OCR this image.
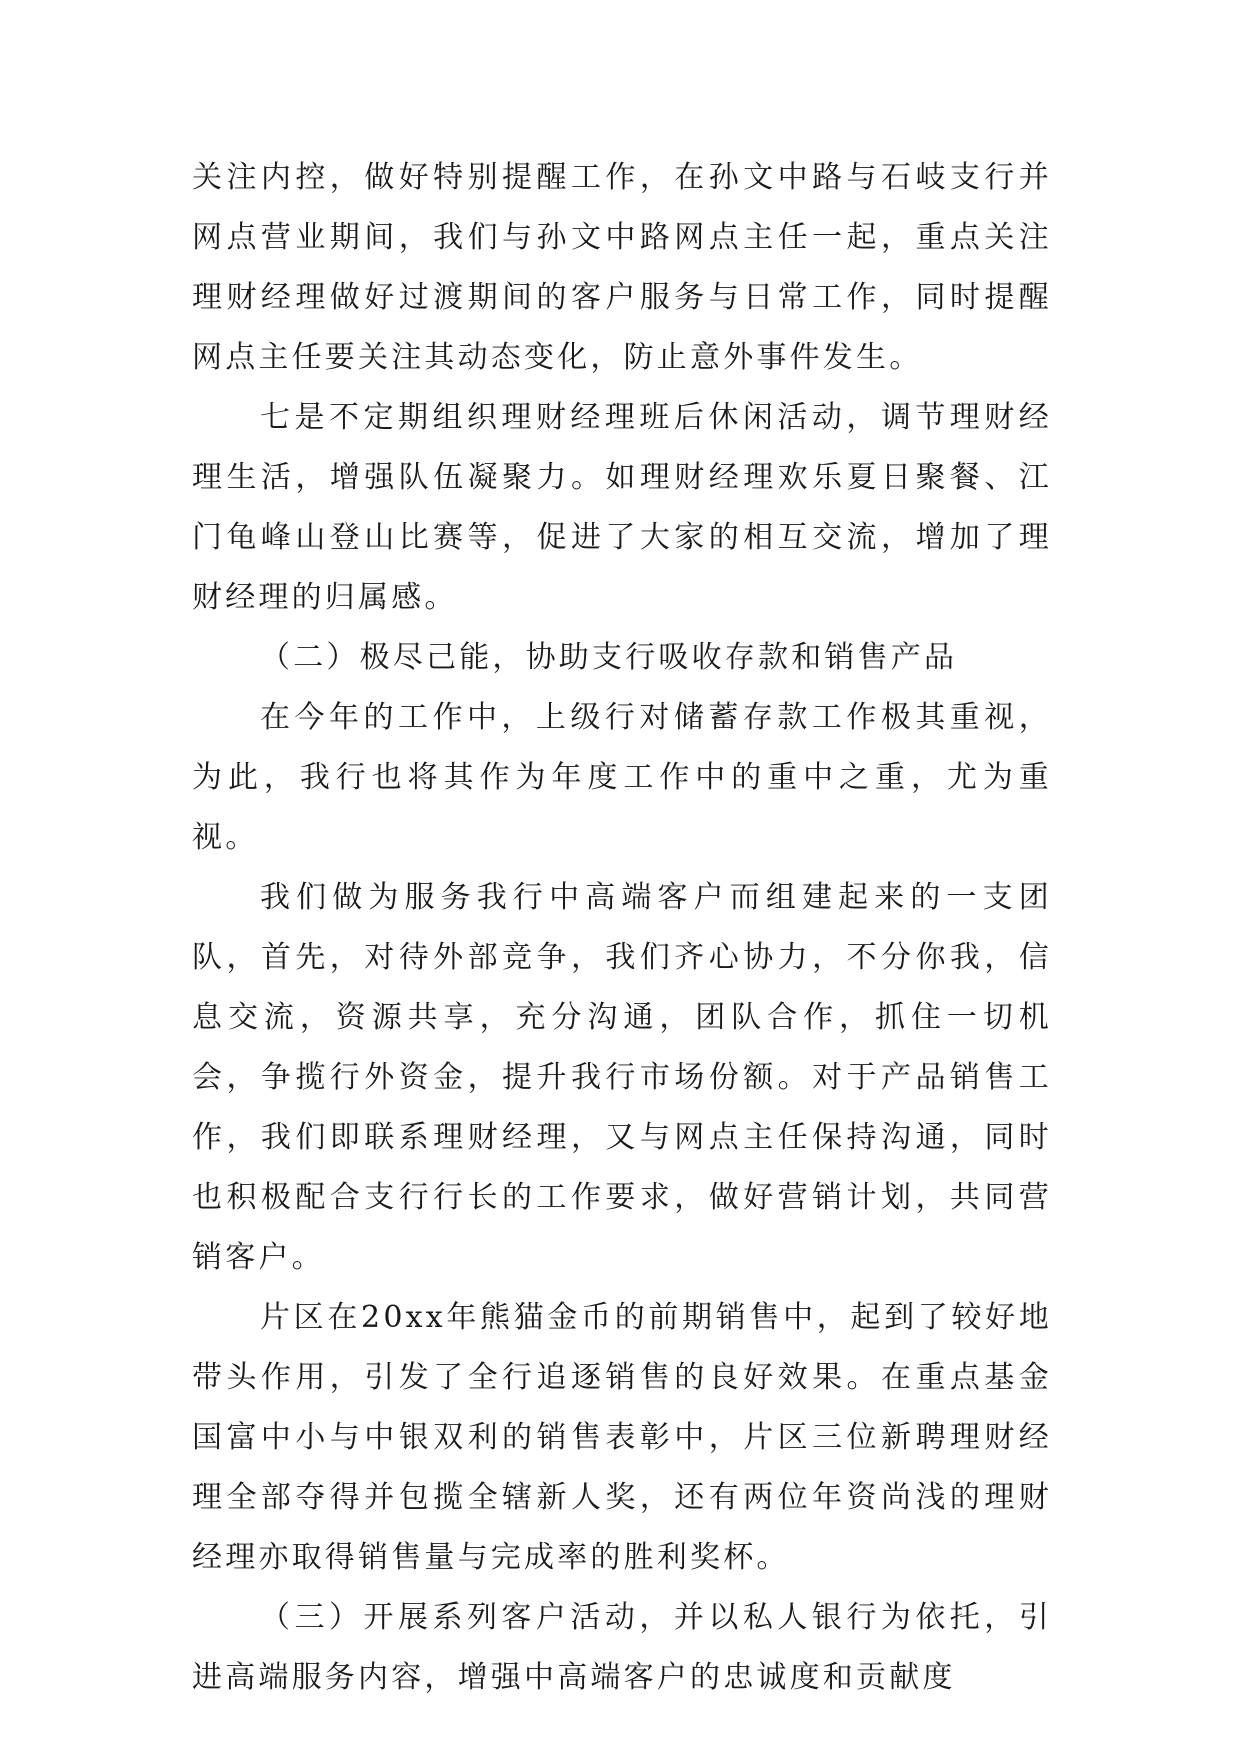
关注内控，做好特别提醒工作，在孙文中路与石岐支行并网点营业期间，我们与孙文中路网点主任一起，重点关注理财经理做好过渡期间的客户服务与日常工作，同时提醒网点主任要关注其动态变化，防止意外事件发生。

七是不定期组织理财经理班后休闲活动，调节理财经理生活，增强队伍凝聚力。如理财经理欢乐夏日聚餐、江门龟峰山登山比赛等，促进了大家的相互交流，增加了理财经理的归属感。

（二）极尽己能，协助支行吸收存款和销售产品

在今年的工作中，上级行对储蓄存款工作极其重视，为此，我行也将其作为年度工作中的重中之重，尤为重视。

我们做为服务我行中高端客户而组建起来的一支团队，首先，对待外部竞争，我们齐心协力，不分你我，信息交流，资源共享，充分沟通，团队合作，抓住一切机会，争揽行外资金，提升我行市场份额。对于产品销售工作，我们即联系理财经理，又与网点主任保持沟通，同时也积极配合支行行长的工作要求，做好营销计划，共同营销客户。

片区在20xx年熊猫金币的前期销售中，起到了较好地带头作用，引发了全行追逐销售的良好效果。在重点基金国富中小与中银双利的销售表彰中，片区三位新聘理财经理全部夺得并包揽全辖新人奖，还有两位年资尚浅的理财经理亦取得销售量与完成率的胜利奖杯。

（三）开展系列客户活动，并以私人银行为依托，引进高端服务内容，增强中高端客户的忠诚度和贡献度
